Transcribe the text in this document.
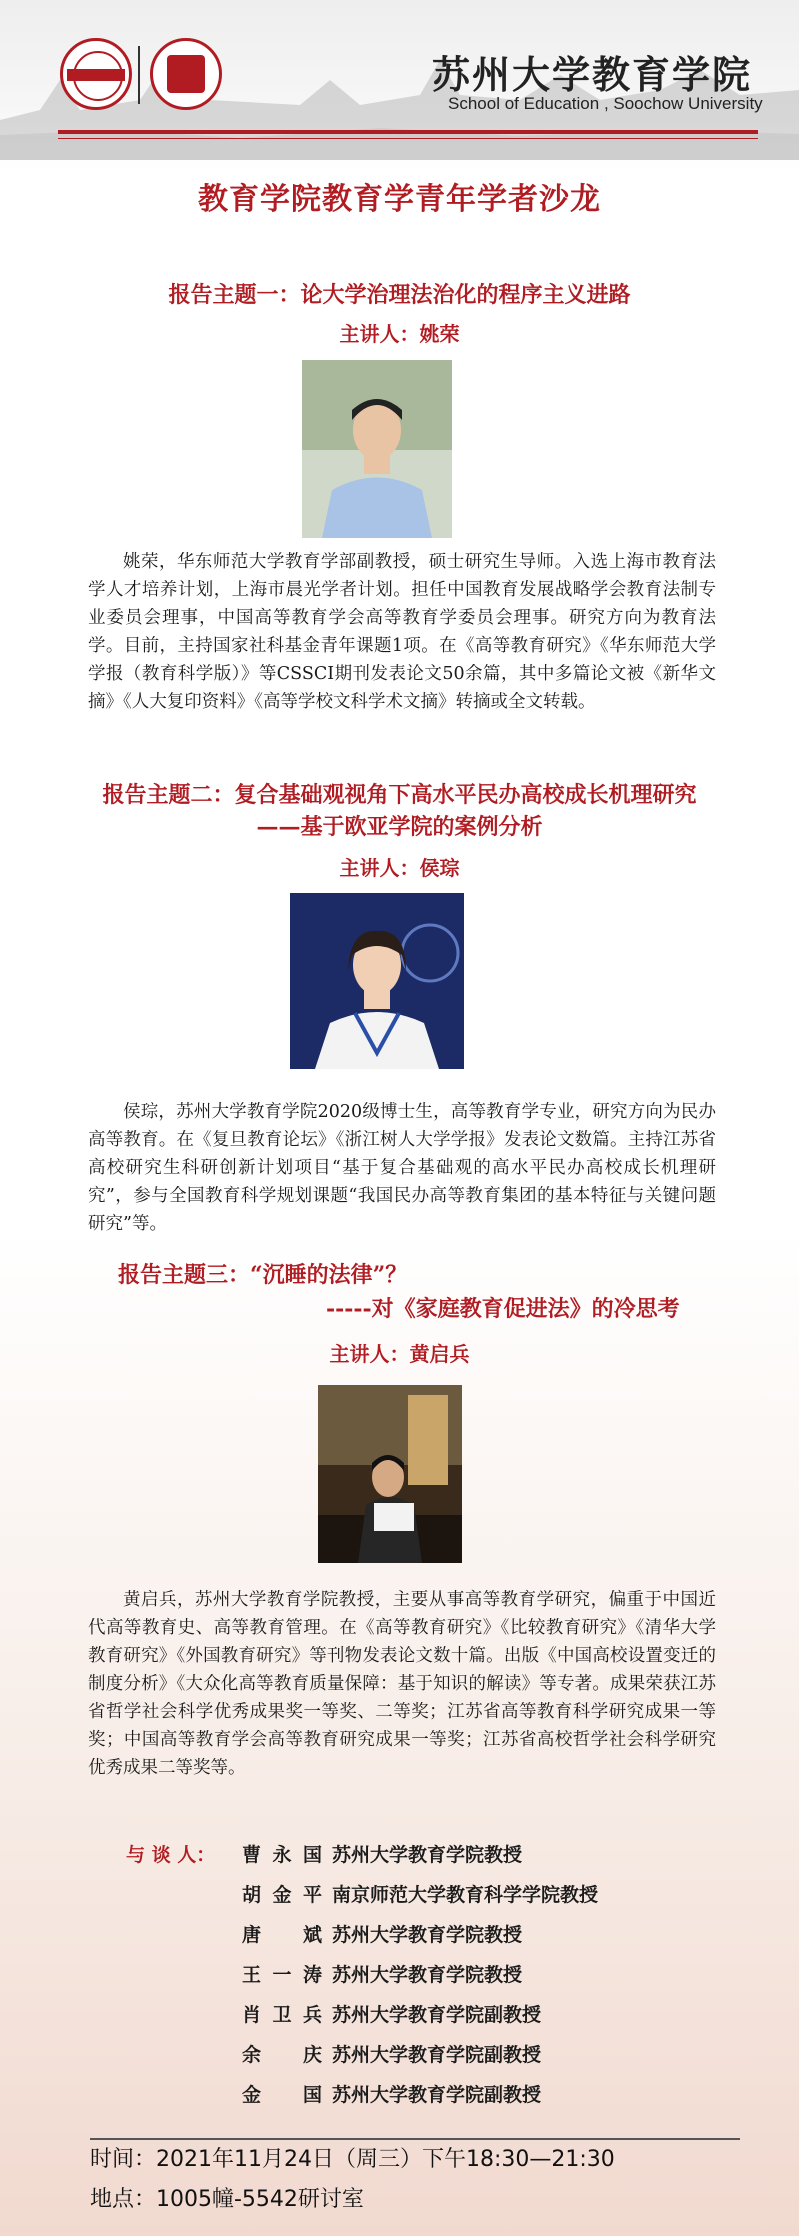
苏州大学教育学院
School of Education , Soochow University
教育学院教育学青年学者沙龙
报告主题一：论大学治理法治化的程序主义进路
主讲人：姚荣
姚荣，华东师范大学教育学部副教授，硕士研究生导师。入选上海市教育法学人才培养计划，上海市晨光学者计划。担任中国教育发展战略学会教育法制专业委员会理事，中国高等教育学会高等教育学委员会理事。研究方向为教育法学。目前，主持国家社科基金青年课题1项。在《高等教育研究》《华东师范大学学报（教育科学版）》等CSSCI期刊发表论文50余篇，其中多篇论文被《新华文摘》《人大复印资料》《高等学校文科学术文摘》转摘或全文转载。
报告主题二：复合基础观视角下高水平民办高校成长机理研究
——基于欧亚学院的案例分析
主讲人：侯琮
侯琮，苏州大学教育学院2020级博士生，高等教育学专业，研究方向为民办高等教育。在《复旦教育论坛》《浙江树人大学学报》发表论文数篇。主持江苏省高校研究生科研创新计划项目“基于复合基础观的高水平民办高校成长机理研究”，参与全国教育科学规划课题“我国民办高等教育集团的基本特征与关键问题研究”等。
报告主题三：“沉睡的法律”？
-----对《家庭教育促进法》的冷思考
主讲人：黄启兵
黄启兵，苏州大学教育学院教授，主要从事高等教育学研究，偏重于中国近代高等教育史、高等教育管理。在《高等教育研究》《比较教育研究》《清华大学教育研究》《外国教育研究》等刊物发表论文数十篇。出版《中国高校设置变迁的制度分析》《大众化高等教育质量保障：基于知识的解读》等专著。成果荣获江苏省哲学社会科学优秀成果奖一等奖、二等奖；江苏省高等教育科学研究成果一等奖；中国高等教育学会高等教育研究成果一等奖；江苏省高校哲学社会科学研究优秀成果二等奖等。
与 谈 人： 曹永国 苏州大学教育学院教授
胡金平 南京师范大学教育科学学院教授
唐斌 苏州大学教育学院教授
王一涛 苏州大学教育学院教授
肖卫兵 苏州大学教育学院副教授
余庆 苏州大学教育学院副教授
金国 苏州大学教育学院副教授
时间：2021年11月24日（周三）下午18:30—21:30
地点：1005幢-5542研讨室
